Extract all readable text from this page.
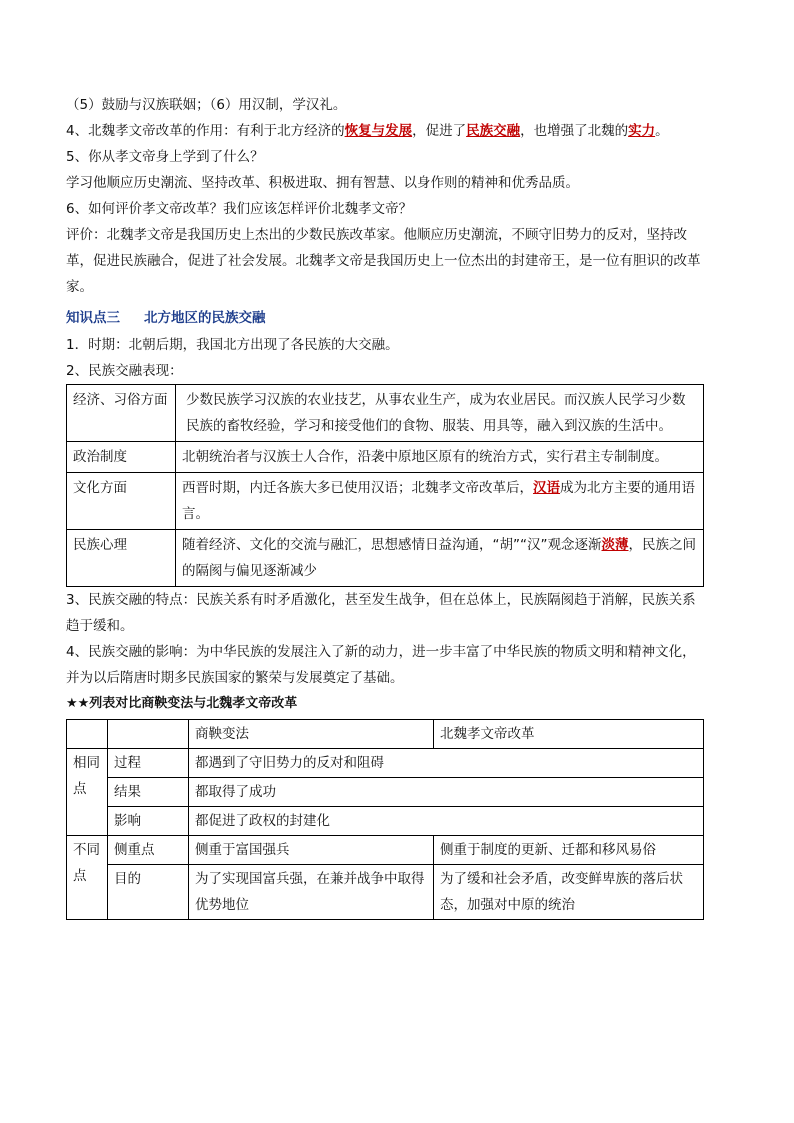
（5）鼓励与汉族联姻；（6）用汉制，学汉礼。
4、北魏孝文帝改革的作用：有利于北方经济的恢复与发展，促进了民族交融，也增强了北魏的实力。
5、你从孝文帝身上学到了什么？
学习他顺应历史潮流、坚持改革、积极进取、拥有智慧、以身作则的精神和优秀品质。
6、如何评价孝文帝改革？我们应该怎样评价北魏孝文帝？
评价：北魏孝文帝是我国历史上杰出的少数民族改革家。他顺应历史潮流，不顾守旧势力的反对，坚持改革，促进民族融合，促进了社会发展。北魏孝文帝是我国历史上一位杰出的封建帝王，是一位有胆识的改革家。
知识点三 北方地区的民族交融
1．时期：北朝后期，我国北方出现了各民族的大交融。
2、民族交融表现：
经济、习俗方面	少数民族学习汉族的农业技艺，从事农业生产，成为农业居民。而汉族人民学习少数民族的畜牧经验，学习和接受他们的食物、服装、用具等，融入到汉族的生活中。
政治制度	北朝统治者与汉族士人合作，沿袭中原地区原有的统治方式，实行君主专制制度。
文化方面	西晋时期，内迁各族大多已使用汉语；北魏孝文帝改革后，汉语成为北方主要的通用语言。
民族心理	随着经济、文化的交流与融汇，思想感情日益沟通，“胡”“汉”观念逐渐淡薄，民族之间的隔阂与偏见逐渐减少
3、民族交融的特点：民族关系有时矛盾激化，甚至发生战争，但在总体上，民族隔阂趋于消解，民族关系趋于缓和。
4、民族交融的影响：为中华民族的发展注入了新的动力，进一步丰富了中华民族的物质文明和精神文化，并为以后隋唐时期多民族国家的繁荣与发展奠定了基础。
★★列表对比商鞅变法与北魏孝文帝改革
		商鞅变法	北魏孝文帝改革
相同点	过程	都遇到了守旧势力的反对和阻碍	
	结果	都取得了成功	
	影响	都促进了政权的封建化	
不同点	侧重点	侧重于富国强兵	侧重于制度的更新、迁都和移风易俗
	目的	为了实现国富兵强，在兼并战争中取得优势地位	为了缓和社会矛盾，改变鲜卑族的落后状态，加强对中原的统治
